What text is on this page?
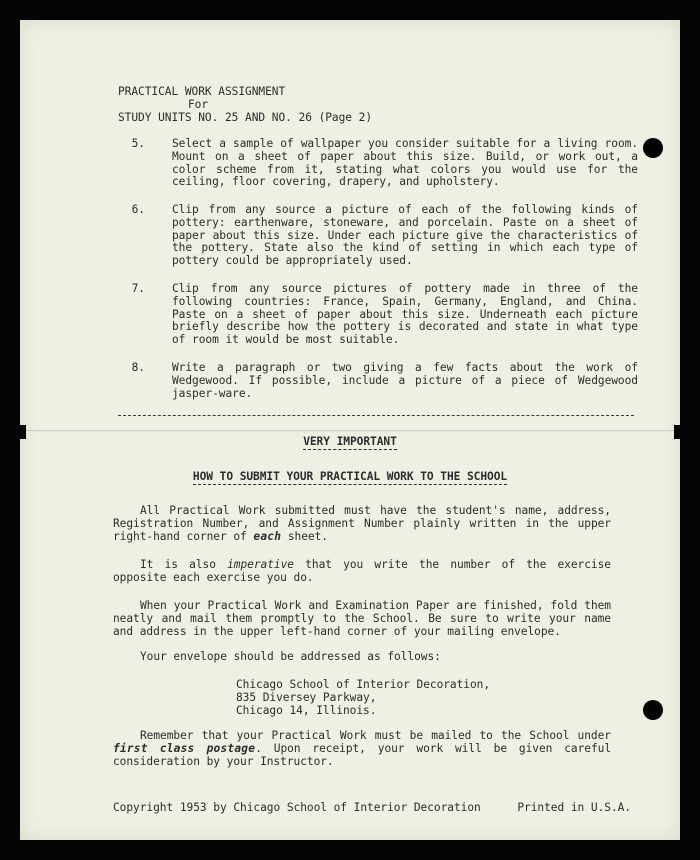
PRACTICAL WORK ASSIGNMENT
For
STUDY UNITS NO. 25 AND NO. 26 (Page 2)
5.	Select a sample of wallpaper you consider suitable for a living room. Mount on a sheet of paper about this size. Build, or work out, a color scheme from it, stating what colors you would use for the ceiling, floor covering, drapery, and upholstery.
6.	Clip from any source a picture of each of the following kinds of pottery: earthenware, stoneware, and porcelain. Paste on a sheet of paper about this size. Under each picture give the characteristics of the pottery. State also the kind of setting in which each type of pottery could be appropriately used.
7.	Clip from any source pictures of pottery made in three of the following countries: France, Spain, Germany, England, and China. Paste on a sheet of paper about this size. Underneath each picture briefly describe how the pottery is decorated and state in what type of room it would be most suitable.
8.	Write a paragraph or two giving a few facts about the work of Wedgewood. If possible, include a picture of a piece of Wedgewood jasper-ware.
VERY IMPORTANT
HOW TO SUBMIT YOUR PRACTICAL WORK TO THE SCHOOL
All Practical Work submitted must have the student's name, address, Registration Number, and Assignment Number plainly written in the upper right-hand corner of each sheet.
It is also imperative that you write the number of the exercise opposite each exercise you do.
When your Practical Work and Examination Paper are finished, fold them neatly and mail them promptly to the School. Be sure to write your name and address in the upper left-hand corner of your mailing envelope.
Your envelope should be addressed as follows:
Chicago School of Interior Decoration,
835 Diversey Parkway,
Chicago 14, Illinois.
Remember that your Practical Work must be mailed to the School under first class postage. Upon receipt, your work will be given careful consideration by your Instructor.
Copyright 1953 by Chicago School of Interior Decoration	Printed in U.S.A.
